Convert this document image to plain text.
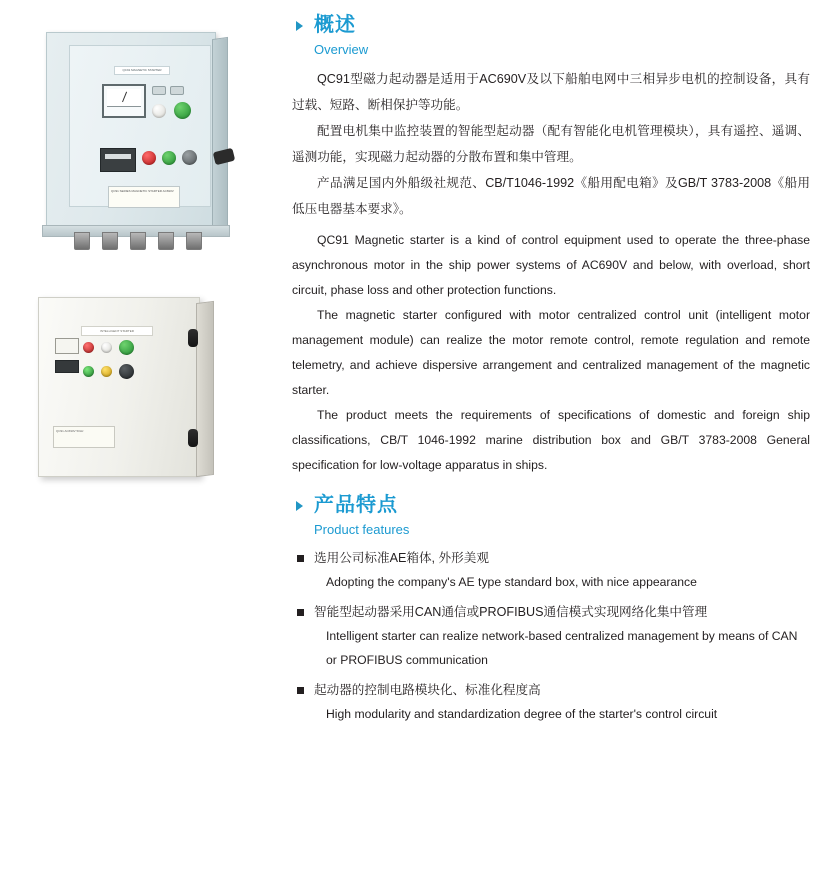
QC91 MAGNETIC STARTER
QC91 SERIES MAGNETIC STARTER AC690V
INTELLIGENT STARTER
QC91 AC690V 50Hz
概述
Overview

QC91型磁力起动器是适用于AC690V及以下船舶电网中三相异步电机的控制设备，具有过载、短路、断相保护等功能。

配置电机集中监控装置的智能型起动器（配有智能化电机管理模块），具有遥控、遥调、遥测功能，实现磁力起动器的分散布置和集中管理。

产品满足国内外船级社规范、CB/T1046-1992《船用配电箱》及GB/T 3783-2008《船用低压电器基本要求》。

QC91 Magnetic starter is a kind of control equipment used to operate the three-phase asynchronous motor in the ship power systems of AC690V and below, with overload, short circuit, phase loss and other protection functions.

The magnetic starter configured with motor centralized control unit (intelligent motor management module) can realize the motor remote control, remote regulation and remote telemetry, and achieve dispersive arrangement and centralized management of the magnetic starter.

The product meets the requirements of specifications of domestic and foreign ship classifications, CB/T 1046-1992 marine distribution box and GB/T 3783-2008 General specification for low-voltage apparatus in ships.

产品特点
Product features
选用公司标准AE箱体, 外形美观
Adopting the company's AE type standard box, with nice appearance
智能型起动器采用CAN通信或PROFIBUS通信模式实现网络化集中管理
Intelligent starter can realize network-based centralized management by means of CAN or PROFIBUS communication
起动器的控制电路模块化、标准化程度高
High modularity and standardization degree of the starter's control circuit
